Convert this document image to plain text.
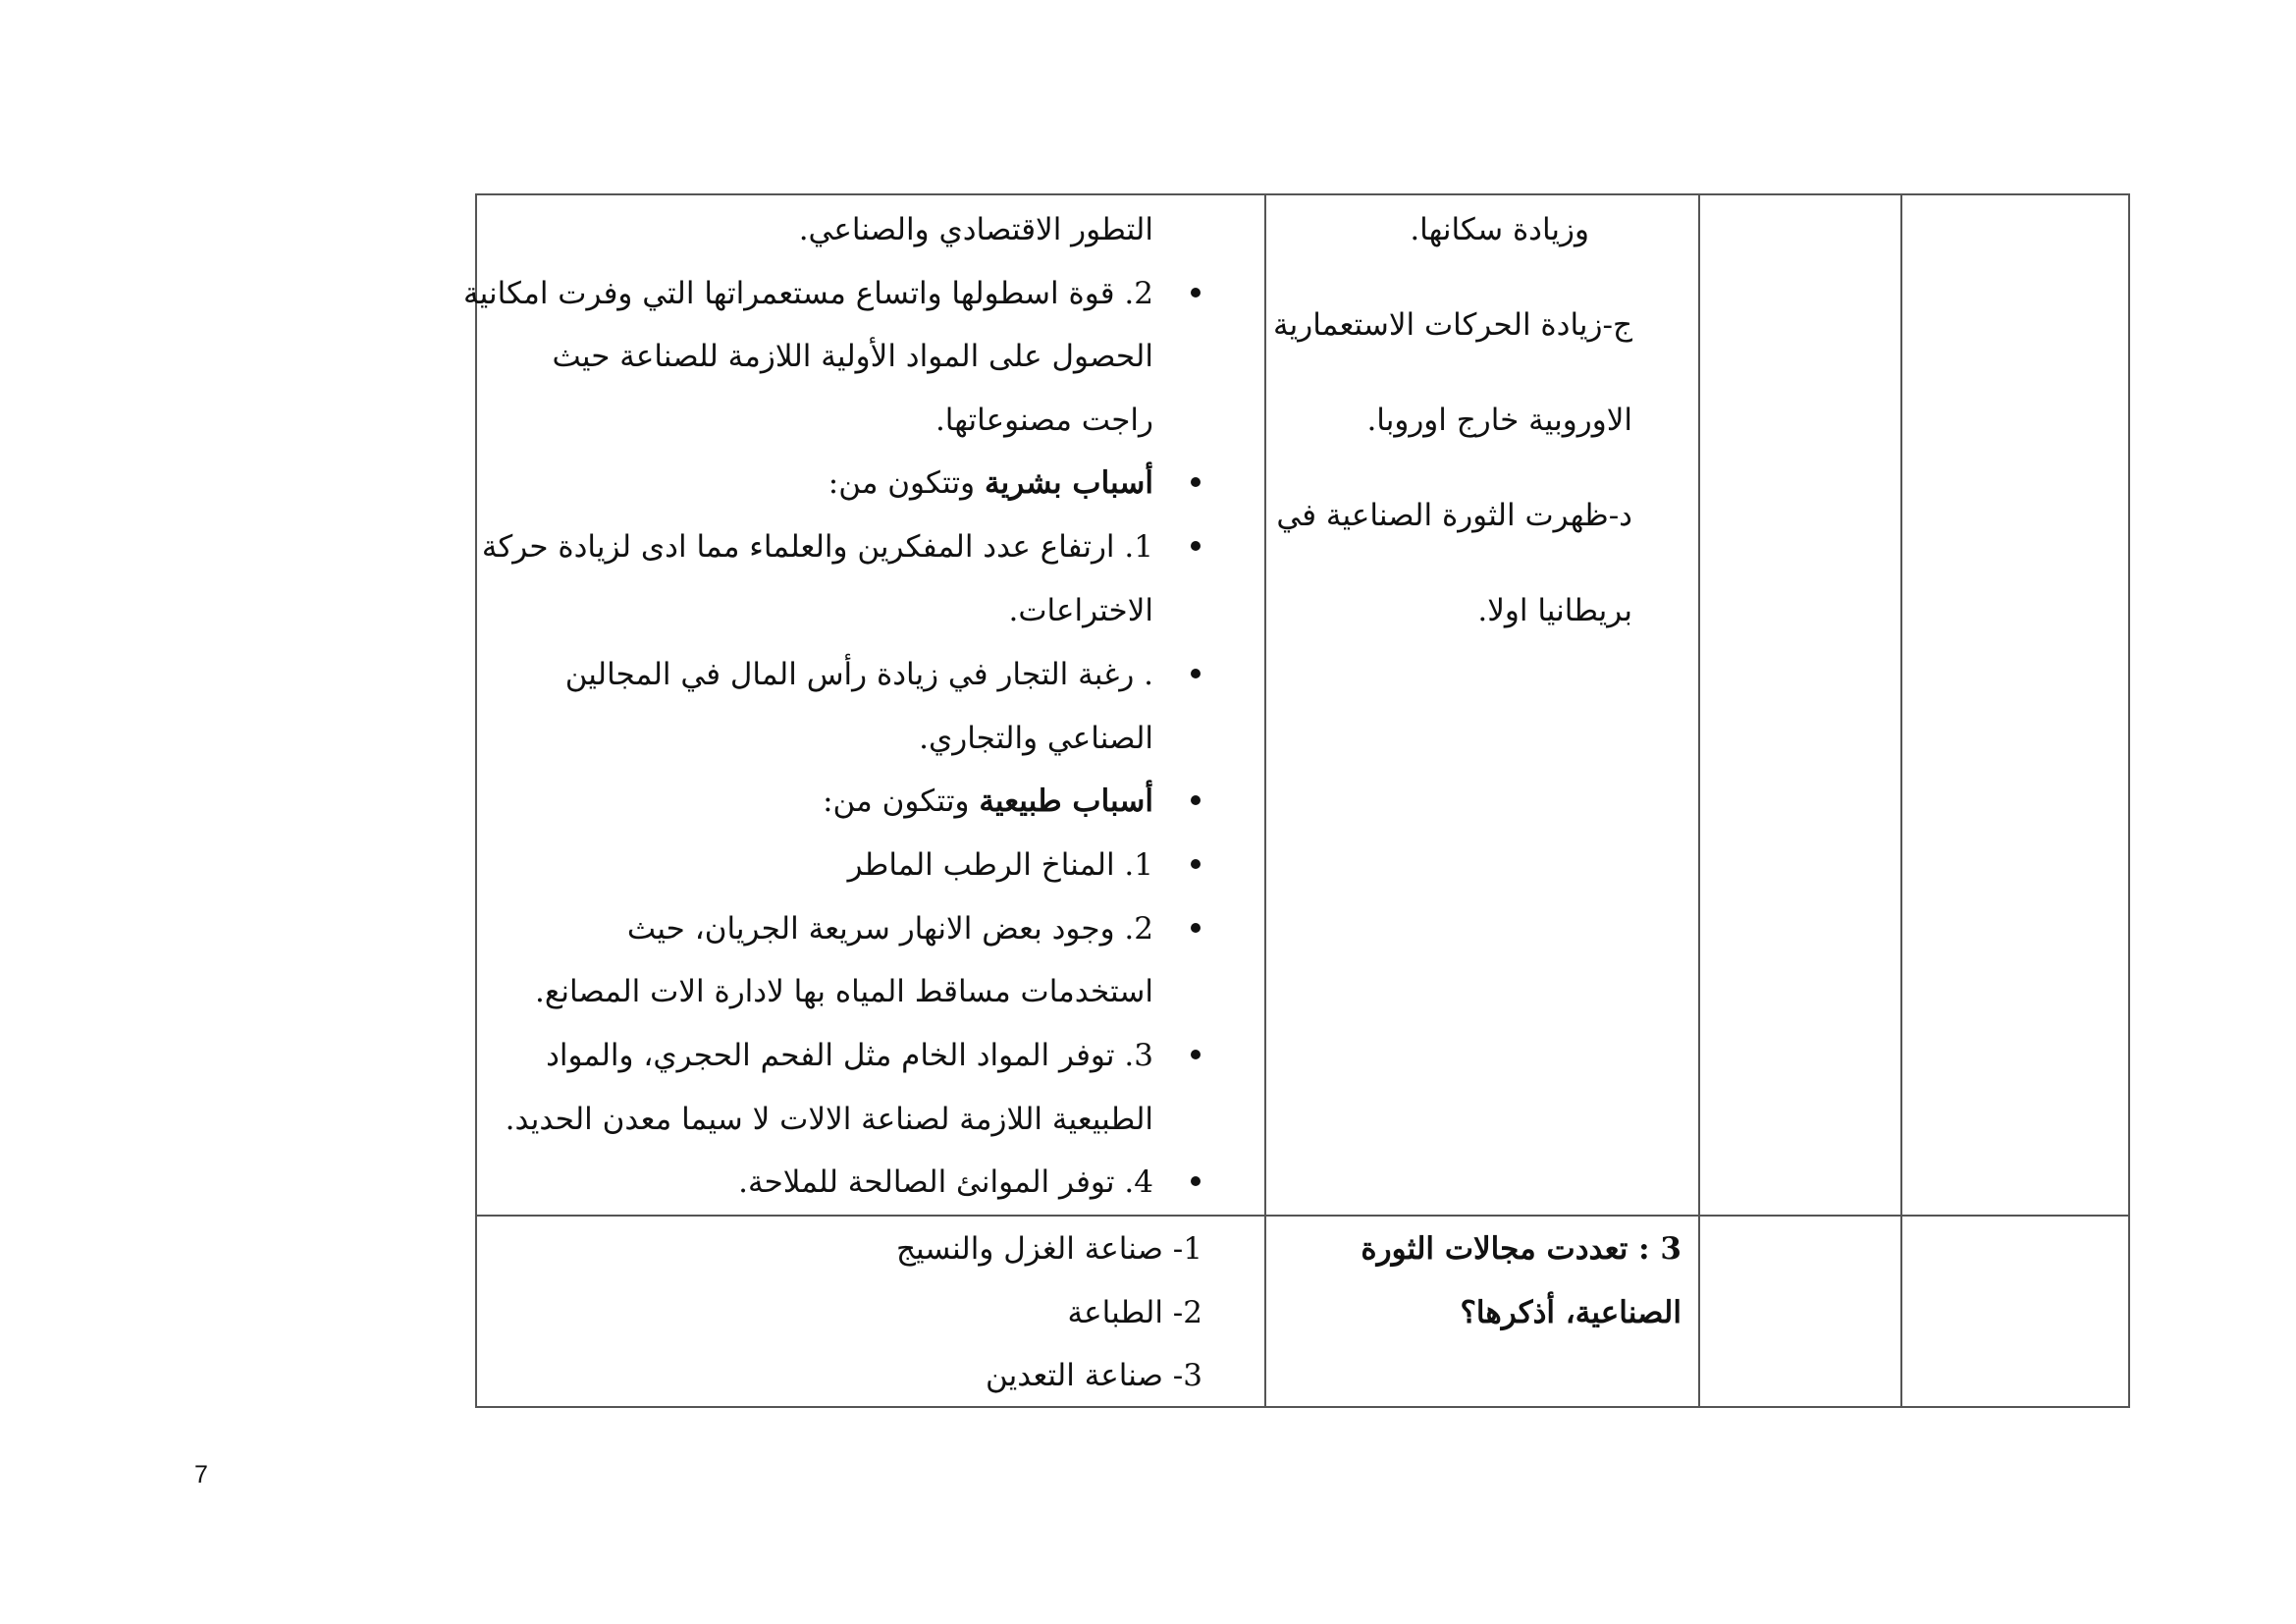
التطور الاقتصادي والصناعي.
2. قوة اسطولها واتساع مستعمراتها التي وفرت امكانية
الحصول على المواد الأولية اللازمة للصناعة حيث
راجت مصنوعاتها.
أسباب بشرية وتتكون من:
1. ارتفاع عدد المفكرين والعلماء مما ادى لزيادة حركة
الاختراعات.
. رغبة التجار في زيادة رأس المال في المجالين
الصناعي والتجاري.
أسباب طبيعية وتتكون من:
1. المناخ الرطب الماطر
2. وجود بعض الانهار سريعة الجريان، حيث
استخدمات مساقط المياه بها لادارة الات المصانع.
3. توفر المواد الخام مثل الفحم الحجري، والمواد
الطبيعية اللازمة لصناعة الالات لا سيما معدن الحديد.
4. توفر الموانئ الصالحة للملاحة.
وزيادة سكانها.
ج-زيادة الحركات الاستعمارية
الاوروبية خارج اوروبا.
د-ظهرت الثورة الصناعية في
بريطانيا اولا.
1- صناعة الغزل والنسيج
2- الطباعة
3- صناعة التعدين
3 : تعددت مجالات الثورة
الصناعية، أذكرها؟
7
